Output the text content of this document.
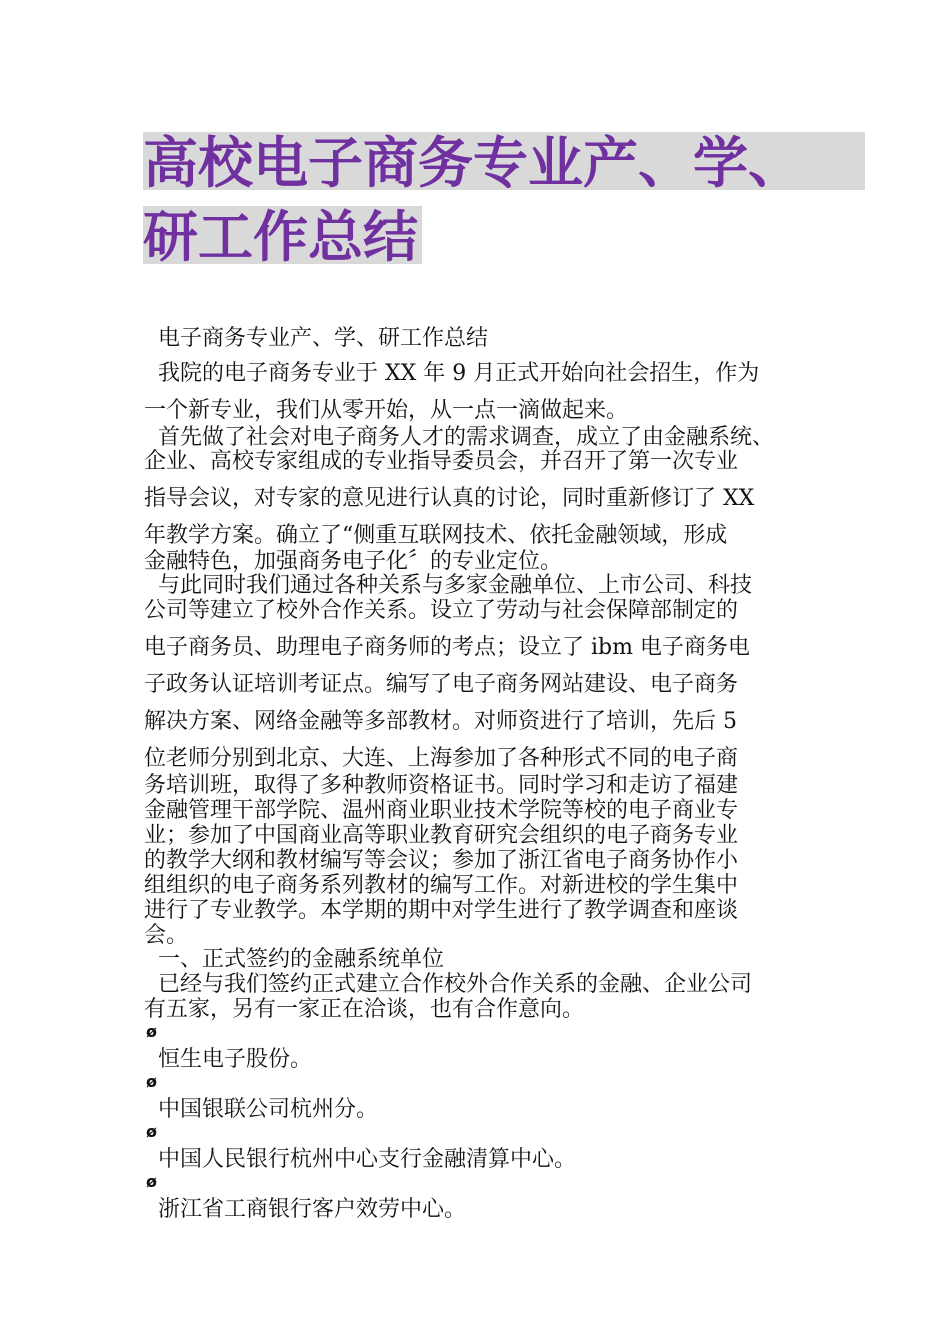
高校电子商务专业产、学、
研工作总结
电子商务专业产、学、研工作总结
我院的电子商务专业于 XX 年 9 月正式开始向社会招生，作为
一个新专业，我们从零开始，从一点一滴做起来。
首先做了社会对电子商务人才的需求调查，成立了由金融系统、
企业、高校专家组成的专业指导委员会，并召开了第一次专业
指导会议，对专家的意见进行认真的讨论，同时重新修订了 XX
年教学方案。确立了“侧重互联网技术、依托金融领域，形成
金融特色，加强商务电子化〞的专业定位。
与此同时我们通过各种关系与多家金融单位、上市公司、科技
公司等建立了校外合作关系。设立了劳动与社会保障部制定的
电子商务员、助理电子商务师的考点；设立了 ibm 电子商务电
子政务认证培训考证点。编写了电子商务网站建设、电子商务
解决方案、网络金融等多部教材。对师资进行了培训，先后 5
位老师分别到北京、大连、上海参加了各种形式不同的电子商
务培训班，取得了多种教师资格证书。同时学习和走访了福建
金融管理干部学院、温州商业职业技术学院等校的电子商业专
业；参加了中国商业高等职业教育研究会组织的电子商务专业
的教学大纲和教材编写等会议；参加了浙江省电子商务协作小
组组织的电子商务系列教材的编写工作。对新进校的学生集中
进行了专业教学。本学期的期中对学生进行了教学调查和座谈
会。
一、正式签约的金融系统单位
已经与我们签约正式建立合作校外合作关系的金融、企业公司
有五家，另有一家正在洽谈，也有合作意向。
恒生电子股份。
中国银联公司杭州分。
中国人民银行杭州中心支行金融清算中心。
浙江省工商银行客户效劳中心。
ø
ø
ø
ø
